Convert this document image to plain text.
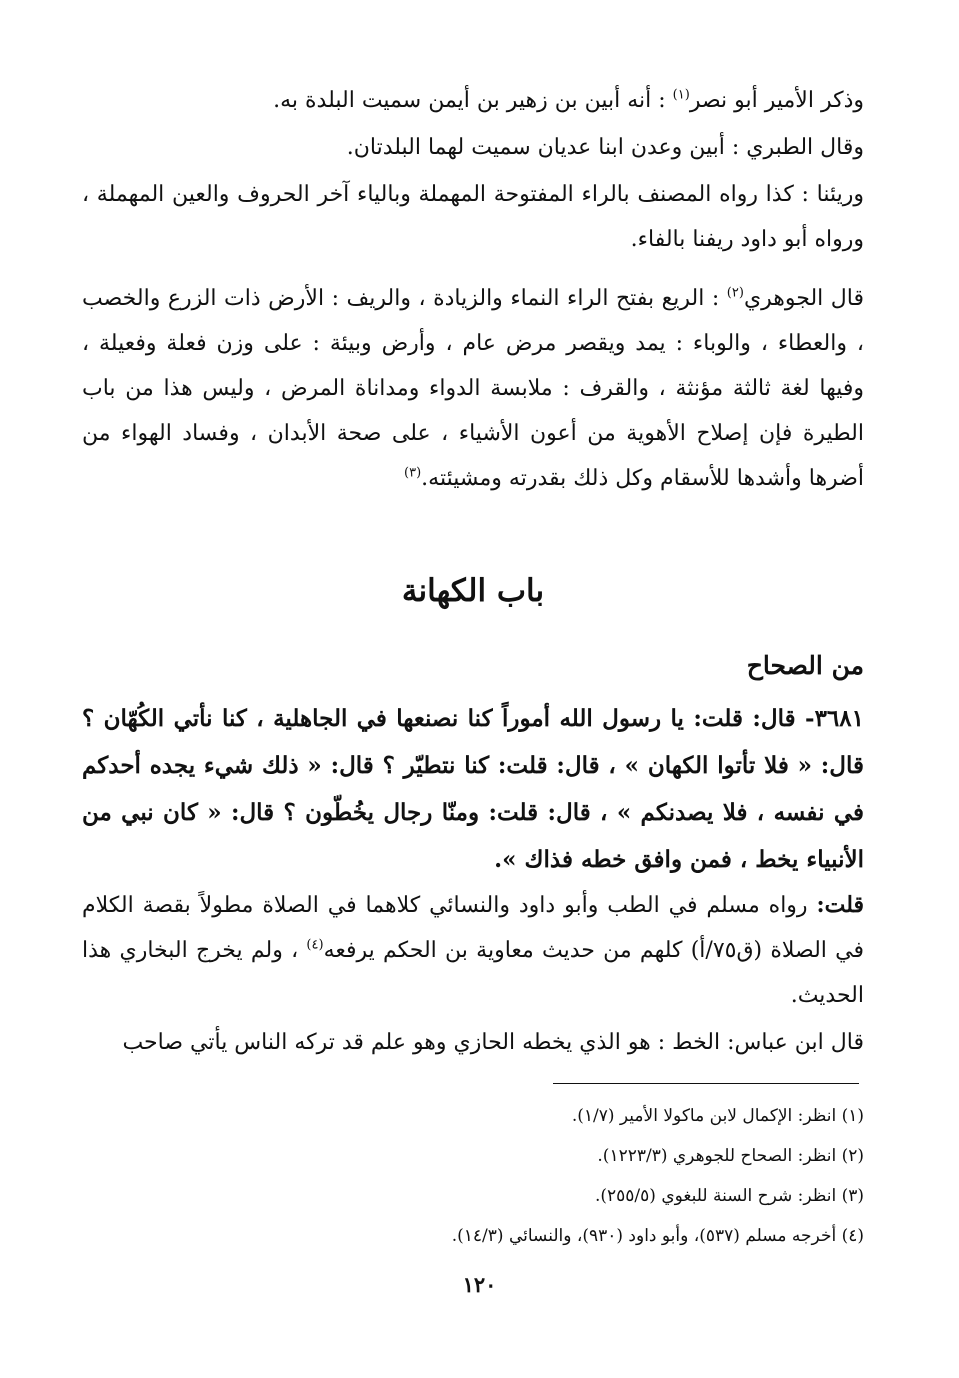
وذكر الأمير أبو نصر$^{(١)}$ : أنه أبين بن زهير بن أيمن سميت البلدة به.

وقال الطبري : أبين وعدن ابنا عديان سميت لهما البلدتان.

وريئنا : كذا رواه المصنف بالراء المفتوحة المهملة وبالياء آخر الحروف والعين المهملة ، ورواه أبو داود ريفنا بالفاء.

قال الجوهري$^{(٢)}$ : الريع بفتح الراء النماء والزيادة ، والريف : الأرض ذات الزرع والخصب ، والعطاء ، والوباء : يمد ويقصر مرض عام ، وأرض وبيئة : على وزن فعلة وفعيلة ، وفيها لغة ثالثة مؤنثة ، والقرف : ملابسة الدواء ومداناة المرض ، وليس هذا من باب الطيرة فإن إصلاح الأهوية من أعون الأشياء ، على صحة الأبدان ، وفساد الهواء من أضرها وأشدها للأسقام وكل ذلك بقدرته ومشيئته.$^{(٣)}$

باب الكهانة
من الصحاح

٣٦٨١- قال: قلت: يا رسول الله أموراً كنا نصنعها في الجاهلية ، كنا نأتي الكُهّان ؟ قال: « فلا تأتوا الكهان » ، قال: قلت: كنا نتطيّر ؟ قال: « ذلك شيء يجده أحدكم في نفسه ، فلا يصدنكم » ، قال: قلت: ومنّا رجال يخُطّون ؟ قال: « كان نبي من الأنبياء يخط ، فمن وافق خطه فذاك ».

قلت: رواه مسلم في الطب وأبو داود والنسائي كلاهما في الصلاة مطولاً بقصة الكلام في الصلاة (ق٧٥/أ) كلهم من حديث معاوية بن الحكم يرفعه$^{(٤)}$ ، ولم يخرج البخاري هذا الحديث.

قال ابن عباس: الخط : هو الذي يخطه الحازي وهو علم قد تركه الناس يأتي صاحب

(١) انظر: الإكمال لابن ماكولا الأمير (١/٧).
(٢) انظر: الصحاح للجوهري (١٢٢٣/٣).
(٣) انظر: شرح السنة للبغوي (٢٥٥/٥).
(٤) أخرجه مسلم (٥٣٧)، وأبو داود (٩٣٠)، والنسائي (١٤/٣).
١٢٠
